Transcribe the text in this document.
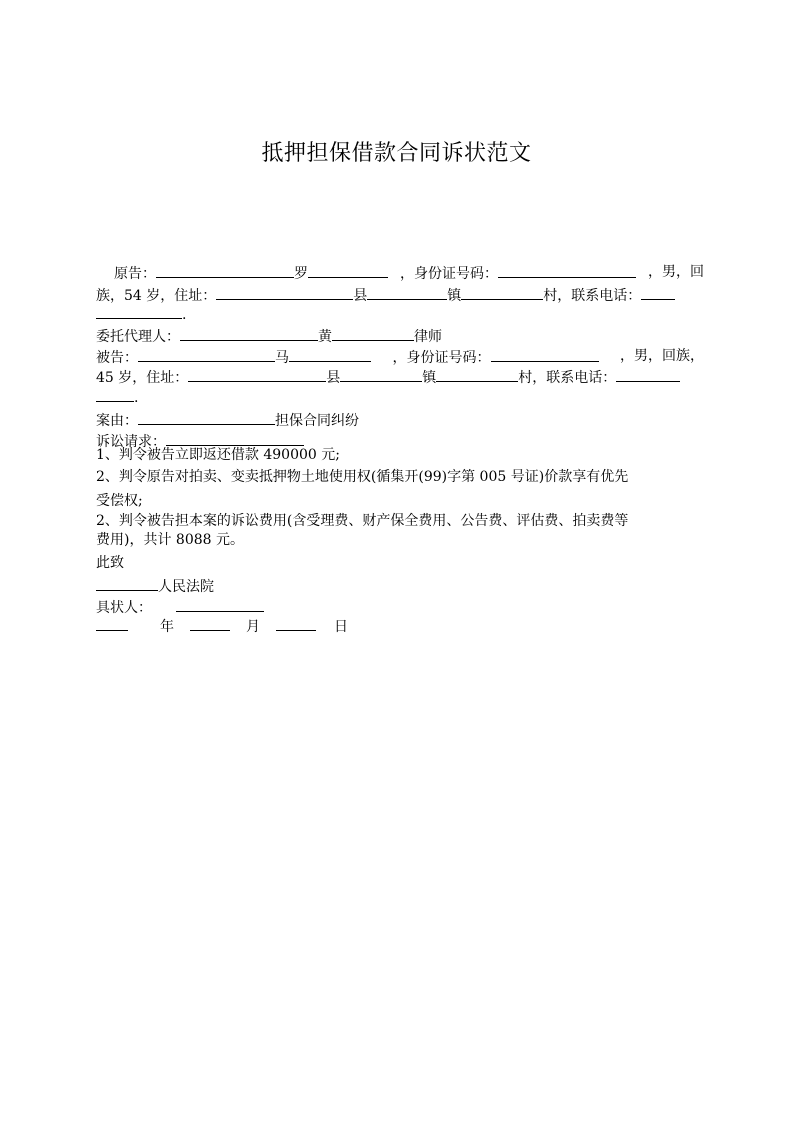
抵押担保借款合同诉状范文
原告：	罗	，身份证号码：	，男，回
族，54 岁，住址：	县	镇	村，联系电话：
.
委托代理人：	黄	律师
被告：	马	，身份证号码：	，男，回族，
45 岁，住址：	县	镇	村，联系电话：
.
案由：	担保合同纠纷
诉讼请求：
1、判令被告立即返还借款 490000 元;
2、判令原告对拍卖、变卖抵押物土地使用权(循集开(99)字第 005 号证)价款享有优先
受偿权;
2、判令被告担本案的诉讼费用(含受理费、财产保全费用、公告费、评估费、拍卖费等
费用)，共计 8088 元。
此致
人民法院
具状人：
年	月	日
